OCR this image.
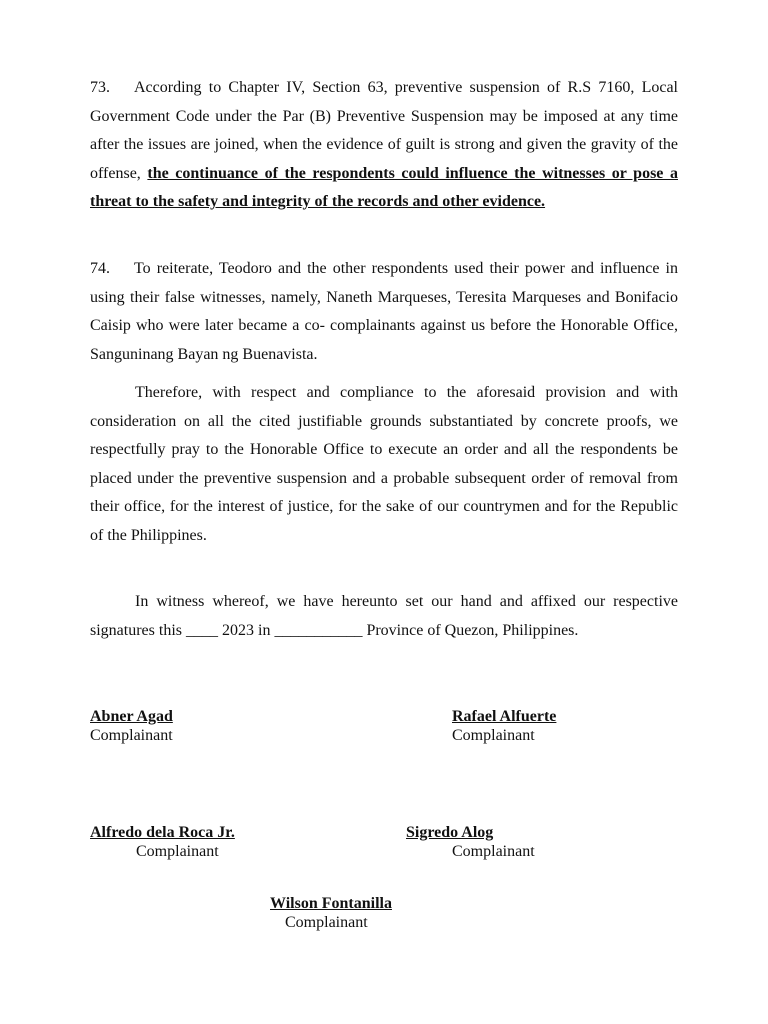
73. According to Chapter IV, Section 63, preventive suspension of R.S 7160, Local Government Code under the Par (B) Preventive Suspension may be imposed at any time after the issues are joined, when the evidence of guilt is strong and given the gravity of the offense, the continuance of the respondents could influence the witnesses or pose a threat to the safety and integrity of the records and other evidence.

74. To reiterate, Teodoro and the other respondents used their power and influence in using their false witnesses, namely, Naneth Marqueses, Teresita Marqueses and Bonifacio Caisip who were later became a co- complainants against us before the Honorable Office, Sanguninang Bayan ng Buenavista.

Therefore, with respect and compliance to the aforesaid provision and with consideration on all the cited justifiable grounds substantiated by concrete proofs, we respectfully pray to the Honorable Office to execute an order and all the respondents be placed under the preventive suspension and a probable subsequent order of removal from their office, for the interest of justice, for the sake of our countrymen and for the Republic of the Philippines.

In witness whereof, we have hereunto set our hand and affixed our respective signatures this ____ 2023 in ___________ Province of Quezon, Philippines.

Abner Agad
Complainant
Rafael Alfuerte
Complainant
Alfredo dela Roca Jr.
Complainant
Sigredo Alog
Complainant
Wilson Fontanilla
Complainant
